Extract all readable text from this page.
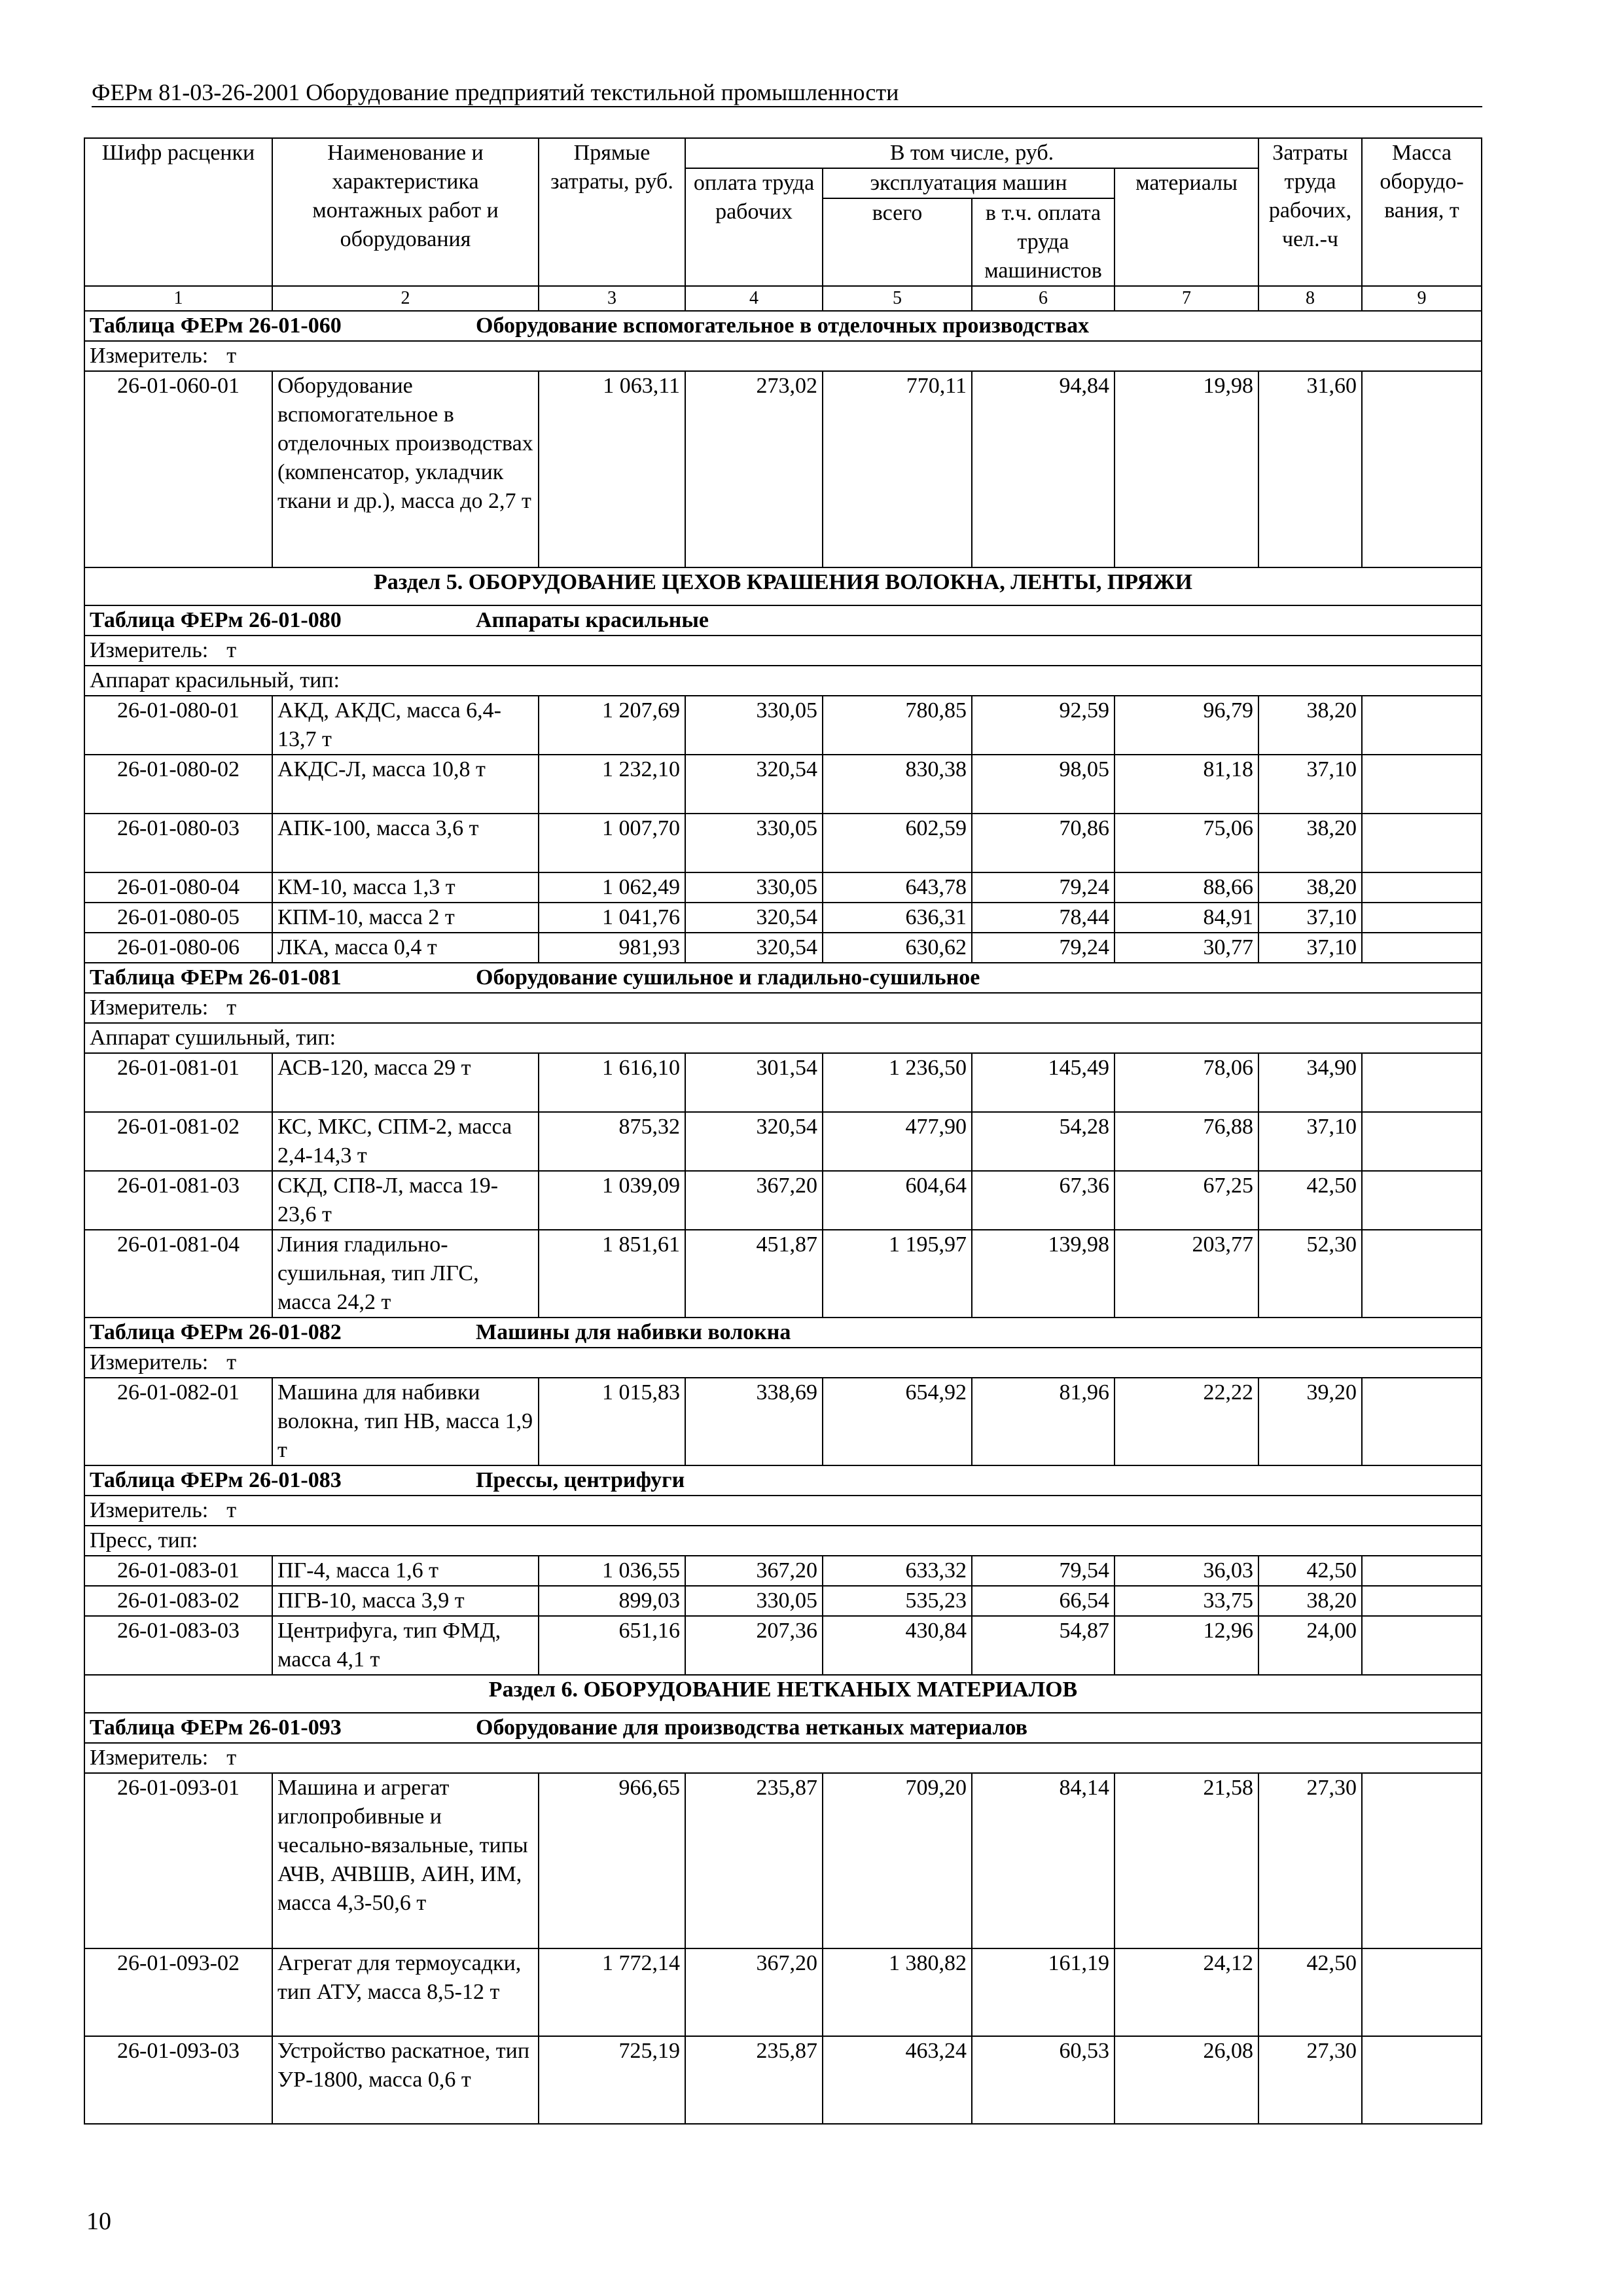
ФЕРм 81-03-26-2001 Оборудование предприятий текстильной промышленности
Шифр расценки	Наименование и характеристика монтажных работ и оборудования	Прямые затраты, руб.	В том числе, руб.				Затраты труда рабочих, чел.-ч	Масса оборудо-вания, т
			оплата труда рабочих	эксплуатация машин		материалы		
				всего	в т.ч. оплата труда машинистов			
1	2	3	4	5	6	7	8	9
Таблица ФЕРм 26-01-060 Оборудование вспомогательное в отделочных производствах								
Измеритель: т								
26-01-060-01	Оборудование вспомогательное в отделочных производствах (компенсатор, укладчик ткани и др.), масса до 2,7 т	1 063,11	273,02	770,11	94,84	19,98	31,60	
Раздел 5. ОБОРУДОВАНИЕ ЦЕХОВ КРАШЕНИЯ ВОЛОКНА, ЛЕНТЫ, ПРЯЖИ								
Таблица ФЕРм 26-01-080 Аппараты красильные								
Измеритель: т								
Аппарат красильный, тип:								
26-01-080-01	АКД, АКДС, масса 6,4-13,7 т	1 207,69	330,05	780,85	92,59	96,79	38,20	
26-01-080-02	АКДС-Л, масса 10,8 т	1 232,10	320,54	830,38	98,05	81,18	37,10	
26-01-080-03	АПК-100, масса 3,6 т	1 007,70	330,05	602,59	70,86	75,06	38,20	
26-01-080-04	КМ-10, масса 1,3 т	1 062,49	330,05	643,78	79,24	88,66	38,20	
26-01-080-05	КПМ-10, масса 2 т	1 041,76	320,54	636,31	78,44	84,91	37,10	
26-01-080-06	ЛКА, масса 0,4 т	981,93	320,54	630,62	79,24	30,77	37,10	
Таблица ФЕРм 26-01-081 Оборудование сушильное и гладильно-сушильное								
Измеритель: т								
Аппарат сушильный, тип:								
26-01-081-01	АСВ-120, масса 29 т	1 616,10	301,54	1 236,50	145,49	78,06	34,90	
26-01-081-02	КС, МКС, СПМ-2, масса 2,4-14,3 т	875,32	320,54	477,90	54,28	76,88	37,10	
26-01-081-03	СКД, СП8-Л, масса 19-23,6 т	1 039,09	367,20	604,64	67,36	67,25	42,50	
26-01-081-04	Линия гладильно-сушильная, тип ЛГС, масса 24,2 т	1 851,61	451,87	1 195,97	139,98	203,77	52,30	
Таблица ФЕРм 26-01-082 Машины для набивки волокна								
Измеритель: т								
26-01-082-01	Машина для набивки волокна, тип НВ, масса 1,9 т	1 015,83	338,69	654,92	81,96	22,22	39,20	
Таблица ФЕРм 26-01-083 Прессы, центрифуги								
Измеритель: т								
Пресс, тип:								
26-01-083-01	ПГ-4, масса 1,6 т	1 036,55	367,20	633,32	79,54	36,03	42,50	
26-01-083-02	ПГВ-10, масса 3,9 т	899,03	330,05	535,23	66,54	33,75	38,20	
26-01-083-03	Центрифуга, тип ФМД, масса 4,1 т	651,16	207,36	430,84	54,87	12,96	24,00	
Раздел 6. ОБОРУДОВАНИЕ НЕТКАНЫХ МАТЕРИАЛОВ								
Таблица ФЕРм 26-01-093 Оборудование для производства нетканых материалов								
Измеритель: т								
26-01-093-01	Машина и агрегат иглопробивные и чесально-вязальные, типы АЧВ, АЧВШВ, АИН, ИМ, масса 4,3-50,6 т	966,65	235,87	709,20	84,14	21,58	27,30	
26-01-093-02	Агрегат для термоусадки, тип АТУ, масса 8,5-12 т	1 772,14	367,20	1 380,82	161,19	24,12	42,50	
26-01-093-03	Устройство раскатное, тип УР-1800, масса 0,6 т	725,19	235,87	463,24	60,53	26,08	27,30	
10
